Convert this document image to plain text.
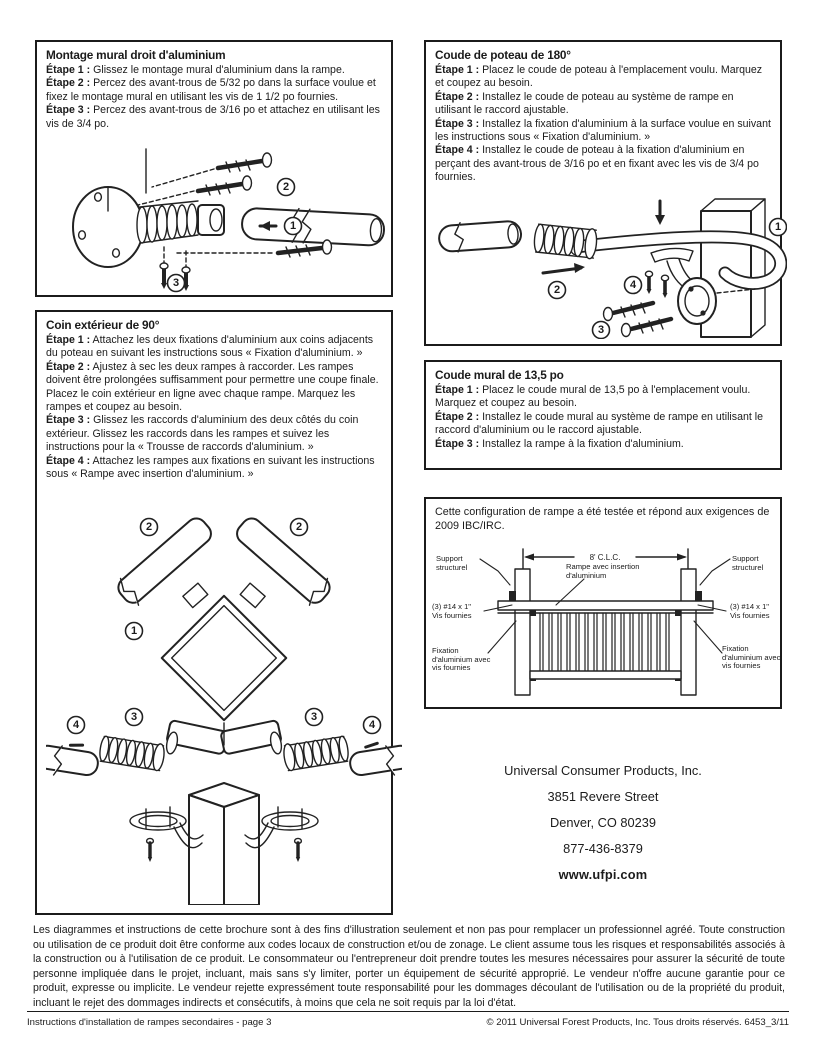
Montage mural droit d'aluminium

Étape 1 : Glissez le montage mural d'aluminium dans la rampe.

Étape 2 : Percez des avant-trous de 5/32 po dans la surface voulue et fixez le montage mural en utilisant les vis de 1 1/2 po fournies.

Étape 3 : Percez des avant-trous de 3/16 po et attachez en utilisant les vis de 3/4 po.

1
2
3
Coude de poteau de 180°

Étape 1 : Placez le coude de poteau à l'emplacement voulu. Marquez et coupez au besoin.

Étape 2 : Installez le coude de poteau au système de rampe en utilisant le raccord ajustable.

Étape 3 : Installez la fixation d'aluminium à la surface voulue en suivant les instructions sous « Fixation d'aluminium. »

Étape 4 : Installez le coude de poteau à la fixation d'aluminium en perçant des avant-trous de 3/16 po et en fixant avec les vis de 3/4 po fournies.

1
2	4
3
Coin extérieur de 90°

Étape 1 : Attachez les deux fixations d'aluminium aux coins adjacents du poteau en suivant les instructions sous « Fixation d'aluminium. »

Étape 2 : Ajustez à sec les deux rampes à raccorder. Les rampes doivent être prolongées suffisamment pour permettre une coupe finale. Placez le coin extérieur en ligne avec chaque rampe. Marquez les rampes et coupez au besoin.

Étape 3 : Glissez les raccords d'aluminium des deux côtés du coin extérieur. Glissez les raccords dans les rampes et suivez les instructions pour la « Trousse de raccords d'aluminium. »

Étape 4 : Attachez les rampes aux fixations en suivant les instructions sous « Rampe avec insertion d'aluminium. »

2	2
1
4
3	3
4
Coude mural de 13,5 po

Étape 1 : Placez le coude mural de 13,5 po à l'emplacement voulu. Marquez et coupez au besoin.

Étape 2 : Installez le coude mural au système de rampe en utilisant le raccord d'aluminium ou le raccord ajustable.

Étape 3 : Installez la rampe à la fixation d'aluminium.

Cette configuration de rampe a été testée et répond aux exigences de 2009 IBC/IRC.

8' C.L.C.
Support structurel
Support structurel
(3) #14 x 1" Vis fournies
(3) #14 x 1" Vis fournies
Fixation d'aluminium avec vis fournies
Fixation d'aluminium avec vis fournies
Rampe avec insertion d'aluminium
Universal Consumer Products, Inc.
3851 Revere Street
Denver, CO 80239
877-436-8379
www.ufpi.com

Les diagrammes et instructions de cette brochure sont à des fins d'illustration seulement et non pas pour remplacer un professionnel agréé. Toute construction ou utilisation de ce produit doit être conforme aux codes locaux de construction et/ou de zonage. Le client assume tous les risques et responsabilités associés à la construction ou à l'utilisation de ce produit. Le consommateur ou l'entrepreneur doit prendre toutes les mesures nécessaires pour assurer la sécurité de toute personne impliquée dans le projet, incluant, mais sans s'y limiter, porter un équipement de sécurité approprié. Le vendeur n'offre aucune garantie pour ce produit, expresse ou implicite. Le vendeur rejette expressément toute responsabilité pour les dommages découlant de l'utilisation ou de la propriété du produit, incluant le rejet des dommages indirects et consécutifs, à moins que cela ne soit requis par la loi d'état.

Instructions d'installation de rampes secondaires - page 3	© 2011 Universal Forest Products, Inc. Tous droits réservés. 6453_3/11
